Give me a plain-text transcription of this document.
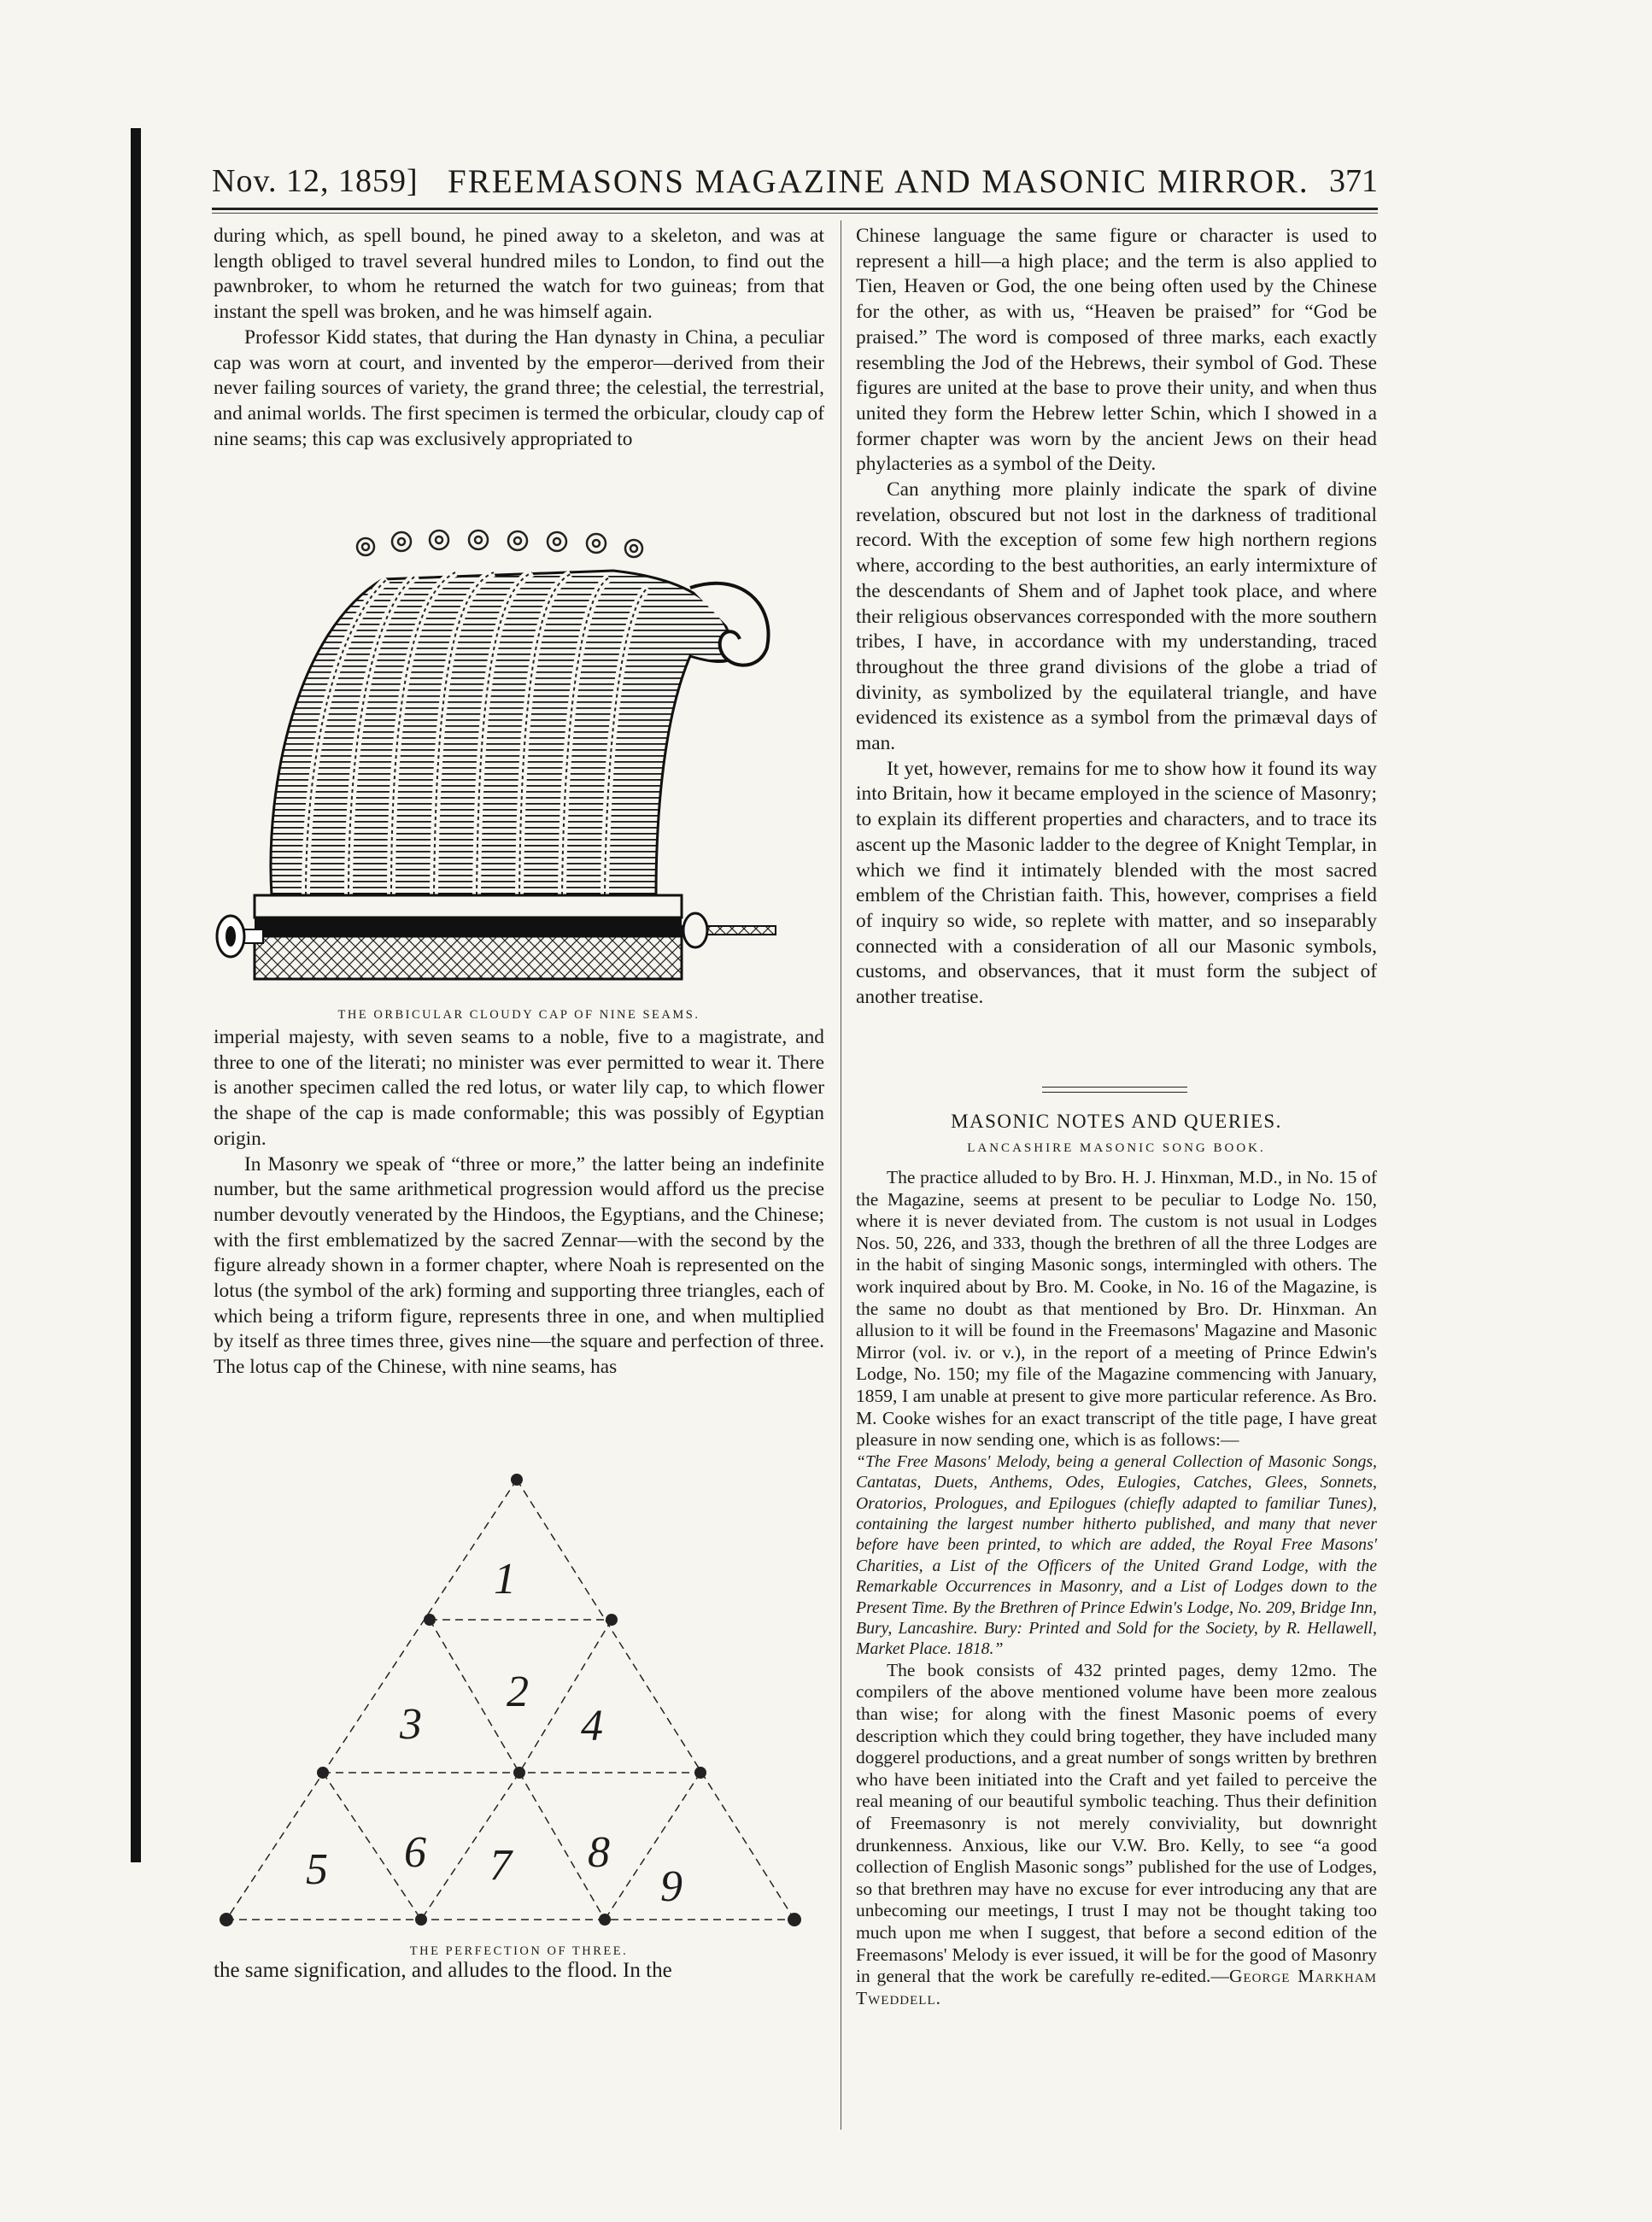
Nov. 12, 1859] FREEMASONS MAGAZINE AND MASONIC MIRROR. 371

during which, as spell bound, he pined away to a skeleton, and was at length obliged to travel several hundred miles to London, to find out the pawnbroker, to whom he returned the watch for two guineas; from that instant the spell was broken, and he was himself again.

Professor Kidd states, that during the Han dynasty in China, a peculiar cap was worn at court, and invented by the emperor—derived from their never failing sources of variety, the grand three; the celestial, the terrestrial, and animal worlds. The first specimen is termed the orbicular, cloudy cap of nine seams; this cap was exclusively appropriated to

THE ORBICULAR CLOUDY CAP OF NINE SEAMS.

imperial majesty, with seven seams to a noble, five to a magistrate, and three to one of the literati; no minister was ever permitted to wear it. There is another specimen called the red lotus, or water lily cap, to which flower the shape of the cap is made conformable; this was possibly of Egyptian origin.

In Masonry we speak of “three or more,” the latter being an indefinite number, but the same arithmetical progression would afford us the precise number devoutly venerated by the Hindoos, the Egyptians, and the Chinese; with the first emblematized by the sacred Zennar—with the second by the figure already shown in a former chapter, where Noah is represented on the lotus (the symbol of the ark) forming and supporting three triangles, each of which being a triform figure, represents three in one, and when multiplied by itself as three times three, gives nine—the square and perfection of three. The lotus cap of the Chinese, with nine seams, has

1
2
3	4
5 6 7 8
9
THE PERFECTION OF THREE.

the same signification, and alludes to the flood. In the

Chinese language the same figure or character is used to represent a hill—a high place; and the term is also applied to Tien, Heaven or God, the one being often used by the Chinese for the other, as with us, “Heaven be praised” for “God be praised.” The word is composed of three marks, each exactly resembling the Jod of the Hebrews, their symbol of God. These figures are united at the base to prove their unity, and when thus united they form the Hebrew letter Schin, which I showed in a former chapter was worn by the ancient Jews on their head phylacteries as a symbol of the Deity.

Can anything more plainly indicate the spark of divine revelation, obscured but not lost in the darkness of traditional record. With the exception of some few high northern regions where, according to the best authorities, an early intermixture of the descendants of Shem and of Japhet took place, and where their religious observances corresponded with the more southern tribes, I have, in accordance with my understanding, traced throughout the three grand divisions of the globe a triad of divinity, as symbolized by the equilateral triangle, and have evidenced its existence as a symbol from the primæval days of man.

It yet, however, remains for me to show how it found its way into Britain, how it became employed in the science of Masonry; to explain its different properties and characters, and to trace its ascent up the Masonic ladder to the degree of Knight Templar, in which we find it intimately blended with the most sacred emblem of the Christian faith. This, however, comprises a field of inquiry so wide, so replete with matter, and so inseparably connected with a consideration of all our Masonic symbols, customs, and observances, that it must form the subject of another treatise.

MASONIC NOTES AND QUERIES.
LANCASHIRE MASONIC SONG BOOK.

The practice alluded to by Bro. H. J. Hinxman, M.D., in No. 15 of the Magazine, seems at present to be peculiar to Lodge No. 150, where it is never deviated from. The custom is not usual in Lodges Nos. 50, 226, and 333, though the brethren of all the three Lodges are in the habit of singing Masonic songs, intermingled with others. The work inquired about by Bro. M. Cooke, in No. 16 of the Magazine, is the same no doubt as that mentioned by Bro. Dr. Hinxman. An allusion to it will be found in the Freemasons' Magazine and Masonic Mirror (vol. iv. or v.), in the report of a meeting of Prince Edwin's Lodge, No. 150; my file of the Magazine commencing with January, 1859, I am unable at present to give more particular reference. As Bro. M. Cooke wishes for an exact transcript of the title page, I have great pleasure in now sending one, which is as follows:—

“The Free Masons' Melody, being a general Collection of Masonic Songs, Cantatas, Duets, Anthems, Odes, Eulogies, Catches, Glees, Sonnets, Oratorios, Prologues, and Epilogues (chiefly adapted to familiar Tunes), containing the largest number hitherto published, and many that never before have been printed, to which are added, the Royal Free Masons' Charities, a List of the Officers of the United Grand Lodge, with the Remarkable Occurrences in Masonry, and a List of Lodges down to the Present Time. By the Brethren of Prince Edwin's Lodge, No. 209, Bridge Inn, Bury, Lancashire. Bury: Printed and Sold for the Society, by R. Hellawell, Market Place. 1818.”

The book consists of 432 printed pages, demy 12mo. The compilers of the above mentioned volume have been more zealous than wise; for along with the finest Masonic poems of every description which they could bring together, they have included many doggerel productions, and a great number of songs written by brethren who have been initiated into the Craft and yet failed to perceive the real meaning of our beautiful symbolic teaching. Thus their definition of Freemasonry is not merely conviviality, but downright drunkenness. Anxious, like our V.W. Bro. Kelly, to see “a good collection of English Masonic songs” published for the use of Lodges, so that brethren may have no excuse for ever introducing any that are unbecoming our meetings, I trust I may not be thought taking too much upon me when I suggest, that before a second edition of the Freemasons' Melody is ever issued, it will be for the good of Masonry in general that the work be carefully re-edited.—George Markham Tweddell.
